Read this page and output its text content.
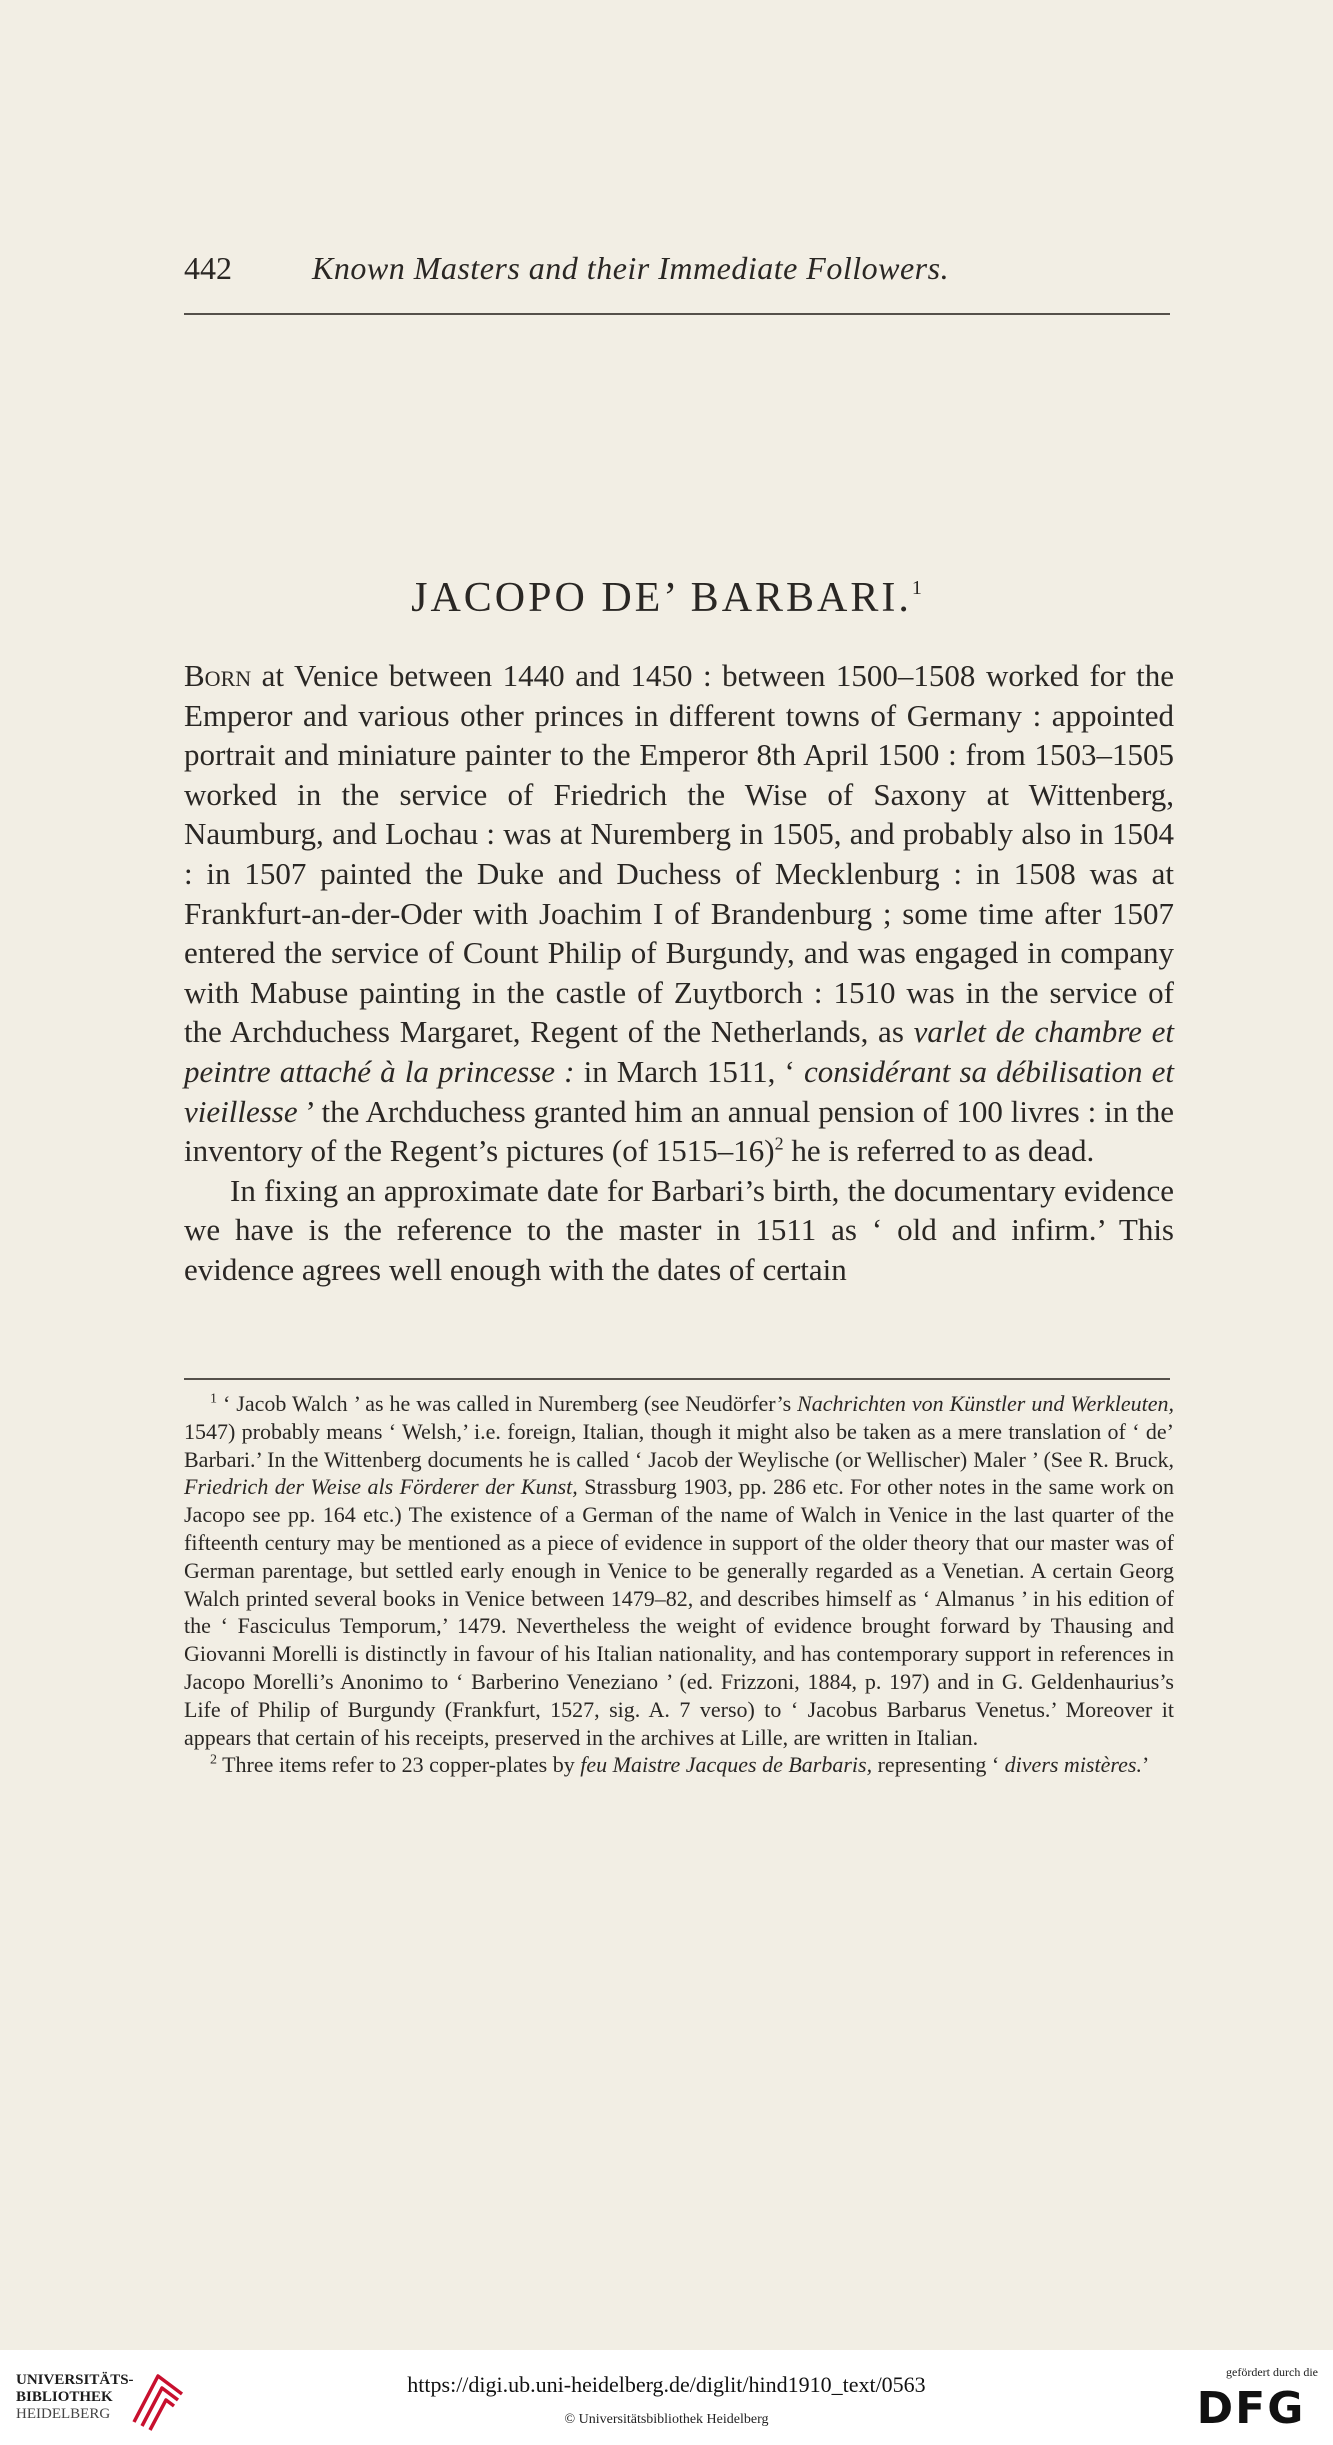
442	Known Masters and their Immediate Followers.
JACOPO DE’ BARBARI.$^1$

Born at Venice between 1440 and 1450 : between 1500–1508 worked for the Emperor and various other princes in different towns of Germany : appointed portrait and miniature painter to the Emperor 8th April 1500 : from 1503–1505 worked in the service of Friedrich the Wise of Saxony at Wittenberg, Naumburg, and Lochau : was at Nuremberg in 1505, and probably also in 1504 : in 1507 painted the Duke and Duchess of Mecklenburg : in 1508 was at Frankfurt-an-der-Oder with Joachim I of Brandenburg ; some time after 1507 entered the service of Count Philip of Burgundy, and was engaged in company with Mabuse painting in the castle of Zuytborch : 1510 was in the service of the Archduchess Margaret, Regent of the Netherlands, as varlet de chambre et peintre attaché à la princesse : in March 1511, ‘ considérant sa débilisation et vieillesse ’ the Archduchess granted him an annual pension of 100 livres : in the inventory of the Regent’s pictures (of 1515–16)$^2$ he is referred to as dead.

In fixing an approximate date for Barbari’s birth, the documentary evidence we have is the reference to the master in 1511 as ‘ old and infirm.’ This evidence agrees well enough with the dates of certain

$^1$ ‘ Jacob Walch ’ as he was called in Nuremberg (see Neudörfer’s Nachrichten von Künstler und Werkleuten, 1547) probably means ‘ Welsh,’ i.e. foreign, Italian, though it might also be taken as a mere translation of ‘ de’ Barbari.’ In the Wittenberg documents he is called ‘ Jacob der Weylische (or Wellischer) Maler ’ (See R. Bruck, Friedrich der Weise als Förderer der Kunst, Strassburg 1903, pp. 286 etc. For other notes in the same work on Jacopo see pp. 164 etc.) The existence of a German of the name of Walch in Venice in the last quarter of the fifteenth century may be mentioned as a piece of evidence in support of the older theory that our master was of German parentage, but settled early enough in Venice to be generally regarded as a Venetian. A certain Georg Walch printed several books in Venice between 1479–82, and describes himself as ‘ Almanus ’ in his edition of the ‘ Fasciculus Temporum,’ 1479. Nevertheless the weight of evidence brought forward by Thausing and Giovanni Morelli is distinctly in favour of his Italian nationality, and has contemporary support in references in Jacopo Morelli’s Anonimo to ‘ Barberino Veneziano ’ (ed. Frizzoni, 1884, p. 197) and in G. Geldenhaurius’s Life of Philip of Burgundy (Frankfurt, 1527, sig. A. 7 verso) to ‘ Jacobus Barbarus Venetus.’ Moreover it appears that certain of his receipts, preserved in the archives at Lille, are written in Italian.

$^2$ Three items refer to 23 copper-plates by feu Maistre Jacques de Barbaris, representing ‘ divers mistères.’

UNIVERSITÄTS-
BIBLIOTHEK
HEIDELBERG
https://digi.ub.uni-heidelberg.de/diglit/hind1910_text/0563
© Universitätsbibliothek Heidelberg
gefördert durch die
DFG
